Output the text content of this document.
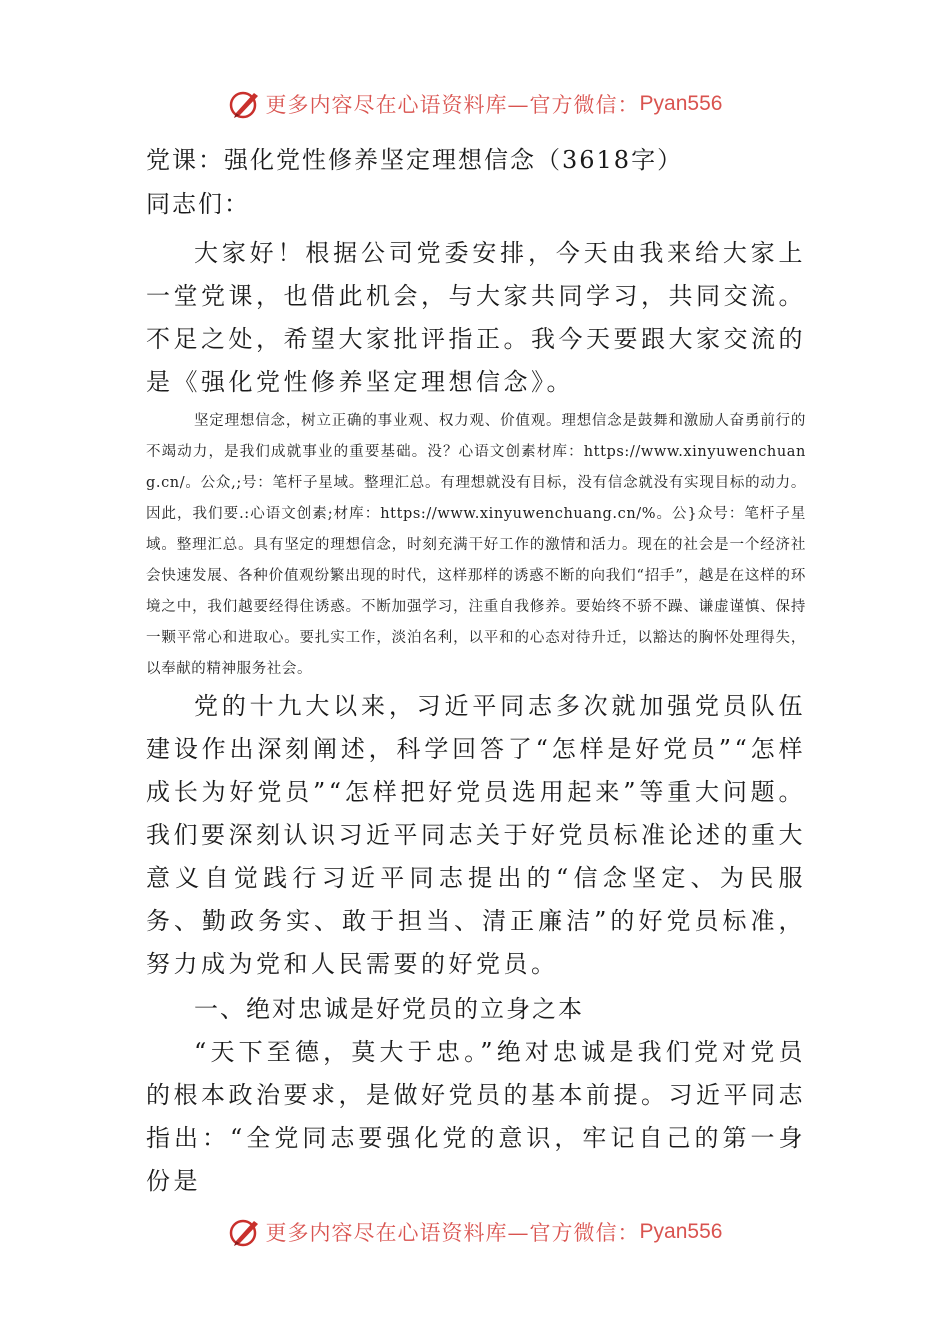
更多内容尽在心语资料库—官方微信： Pyan556

党课：强化党性修养坚定理想信念（3618字）

同志们：

大家好！根据公司党委安排，今天由我来给大家上一堂党课，也借此机会，与大家共同学习，共同交流。不足之处，希望大家批评指正。我今天要跟大家交流的是《强化党性修养坚定理想信念》。

坚定理想信念，树立正确的事业观、权力观、价值观。理想信念是鼓舞和激励人奋勇前行的不竭动力，是我们成就事业的重要基础。没？心语文创素材库：https://www.xinyuwenchuang.cn/。公众,;号：笔杆子星域。整理汇总。有理想就没有目标，没有信念就没有实现目标的动力。因此，我们要.:心语文创素;材库：https://www.xinyuwenchuang.cn/%。公}众号：笔杆子星域。整理汇总。具有坚定的理想信念，时刻充满干好工作的激情和活力。现在的社会是一个经济社会快速发展、各种价值观纷繁出现的时代，这样那样的诱惑不断的向我们“招手”，越是在这样的环境之中，我们越要经得住诱惑。不断加强学习，注重自我修养。要始终不骄不躁、谦虚谨慎、保持一颗平常心和进取心。要扎实工作，淡泊名利，以平和的心态对待升迁，以豁达的胸怀处理得失，以奉献的精神服务社会。

党的十九大以来，习近平同志多次就加强党员队伍建设作出深刻阐述，科学回答了“怎样是好党员”“怎样成长为好党员”“怎样把好党员选用起来”等重大问题。我们要深刻认识习近平同志关于好党员标准论述的重大意义自觉践行习近平同志提出的“信念坚定、为民服务、勤政务实、敢于担当、清正廉洁”的好党员标准，努力成为党和人民需要的好党员。

一、绝对忠诚是好党员的立身之本

“天下至德，莫大于忠。”绝对忠诚是我们党对党员的根本政治要求，是做好党员的基本前提。习近平同志指出：“全党同志要强化党的意识，牢记自己的第一身份是

更多内容尽在心语资料库—官方微信： Pyan556
